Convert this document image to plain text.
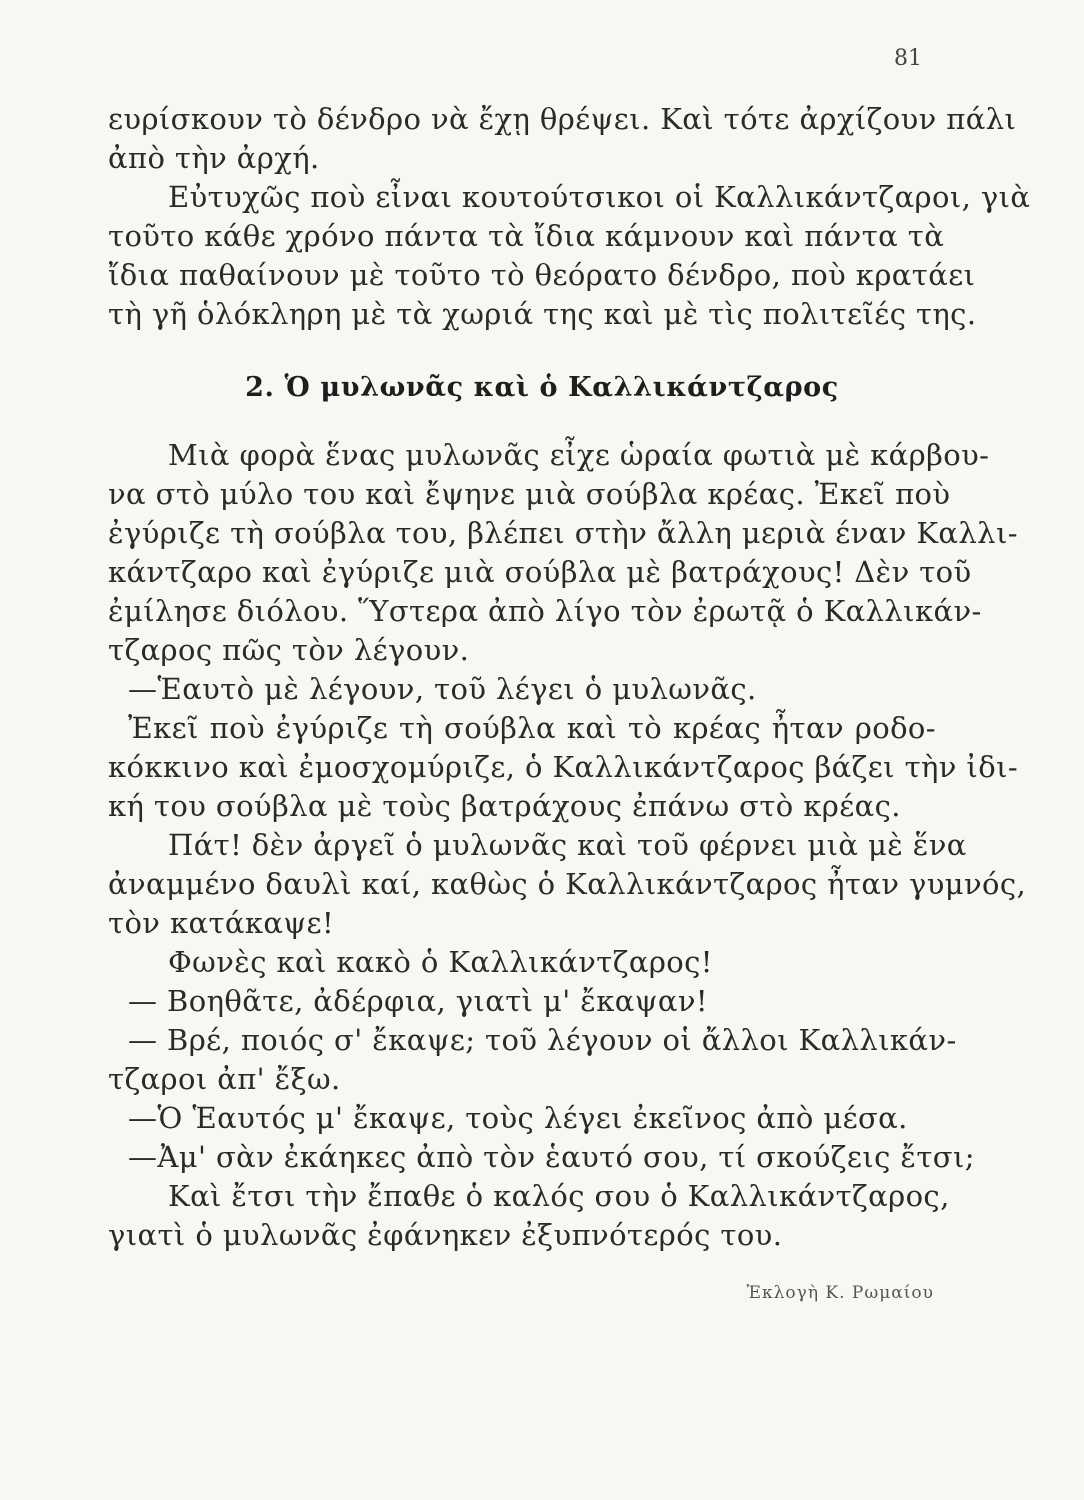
81
ευρίσκουν τὸ δένδρο νὰ ἔχῃ θρέψει. Καὶ τότε ἀρχίζουν πάλι
ἀπὸ τὴν ἀρχή.
Εὐτυχῶς ποὺ εἶναι κουτούτσικοι οἱ Καλλικάντζαροι, γιὰ
τοῦτο κάθε χρόνο πάντα τὰ ἴδια κάμνουν καὶ πάντα τὰ
ἴδια παθαίνουν μὲ τοῦτο τὸ θεόρατο δένδρο, ποὺ κρατάει
τὴ γῆ ὁλόκληρη μὲ τὰ χωριά της καὶ μὲ τὶς πολιτεῖές της.
2. Ὁ μυλωνᾶς καὶ ὁ Καλλικάντζαρος
Μιὰ φορὰ ἕνας μυλωνᾶς εἶχε ὡραία φωτιὰ μὲ κάρβου-
να στὸ μύλο του καὶ ἔψηνε μιὰ σούβλα κρέας. Ἐκεῖ ποὺ
ἐγύριζε τὴ σούβλα του, βλέπει στὴν ἄλλη μεριὰ έναν Καλλι-
κάντζαρο καὶ ἐγύριζε μιὰ σούβλα μὲ βατράχους! Δὲν τοῦ
ἐμίλησε διόλου. Ὕστερα ἀπὸ λίγο τὸν ἐρωτᾷ ὁ Καλλικάν-
τζαρος πῶς τὸν λέγουν.
—Ἑαυτὸ μὲ λέγουν, τοῦ λέγει ὁ μυλωνᾶς.
Ἐκεῖ ποὺ ἐγύριζε τὴ σούβλα καὶ τὸ κρέας ἦταν ροδο-
κόκκινο καὶ ἐμοσχομύριζε, ὁ Καλλικάντζαρος βάζει τὴν ἰδι-
κή του σούβλα μὲ τοὺς βατράχους ἐπάνω στὸ κρέας.
Πάτ! δὲν ἀργεῖ ὁ μυλωνᾶς καὶ τοῦ φέρνει μιὰ μὲ ἕνα
ἀναμμένο δαυλὶ καί, καθὼς ὁ Καλλικάντζαρος ἦταν γυμνός,
τὸν κατάκαψε!
Φωνὲς καὶ κακὸ ὁ Καλλικάντζαρος!
— Βοηθᾶτε, ἀδέρφια, γιατὶ μ' ἔκαψαν!
— Βρέ, ποιός σ' ἔκαψε; τοῦ λέγουν οἱ ἄλλοι Καλλικάν-
τζαροι ἀπ' ἔξω.
—Ὁ Ἑαυτός μ' ἔκαψε, τοὺς λέγει ἐκεῖνος ἀπὸ μέσα.
—Ἀμ' σὰν ἐκάηκες ἀπὸ τὸν ἑαυτό σου, τί σκούζεις ἔτσι;
Καὶ ἔτσι τὴν ἔπαθε ὁ καλός σου ὁ Καλλικάντζαρος,
γιατὶ ὁ μυλωνᾶς ἐφάνηκεν ἐξυπνότερός του.
Ἐκλογὴ Κ. Ρωμαίου
